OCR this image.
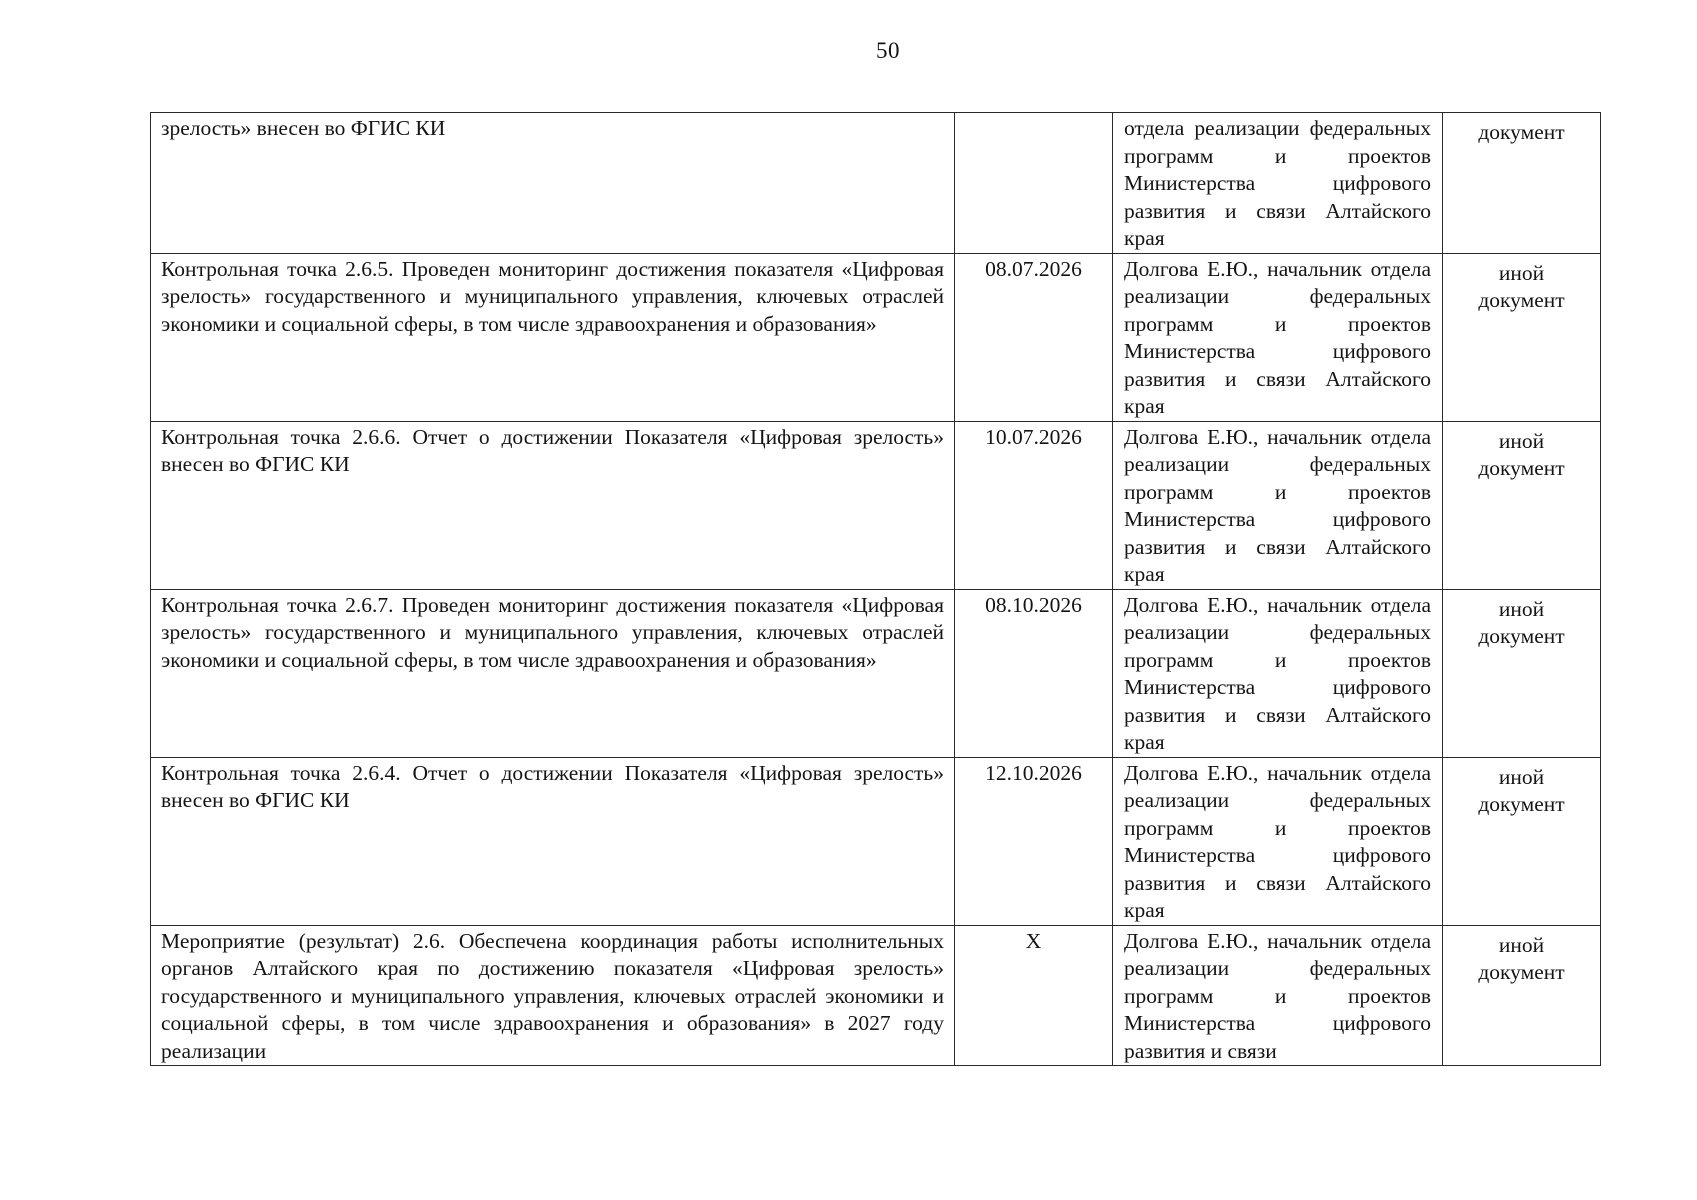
50
зрелость» внесен во ФГИС КИ		отдела реализации федеральных программ и проектов Министерства цифрового развития и связи Алтайского края	документ

Контрольная точка 2.6.5. Проведен мониторинг достижения показателя «Цифровая зрелость» государственного и муниципального управления, ключевых отраслей экономики и социальной сферы, в том числе здравоохранения и образования»	08.07.2026	Долгова Е.Ю., начальник отдела реализации федеральных программ и проектов Министерства цифрового развития и связи Алтайского края	иной
документ

Контрольная точка 2.6.6. Отчет о достижении Показателя «Цифровая зрелость» внесен во ФГИС КИ	10.07.2026	Долгова Е.Ю., начальник отдела реализации федеральных программ и проектов Министерства цифрового развития и связи Алтайского края	иной
документ

Контрольная точка 2.6.7. Проведен мониторинг достижения показателя «Цифровая зрелость» государственного и муниципального управления, ключевых отраслей экономики и социальной сферы, в том числе здравоохранения и образования»	08.10.2026	Долгова Е.Ю., начальник отдела реализации федеральных программ и проектов Министерства цифрового развития и связи Алтайского края	иной
документ

Контрольная точка 2.6.4. Отчет о достижении Показателя «Цифровая зрелость» внесен во ФГИС КИ	12.10.2026	Долгова Е.Ю., начальник отдела реализации федеральных программ и проектов Министерства цифрового развития и связи Алтайского края	иной
документ

Мероприятие (результат) 2.6. Обеспечена координация работы исполнительных органов Алтайского края по достижению показателя «Цифровая зрелость» государственного и муниципального управления, ключевых отраслей экономики и социальной сферы, в том числе здравоохранения и образования» в 2027 году реализации	X	Долгова Е.Ю., начальник отдела реализации федеральных программ и проектов Министерства цифрового развития и связи	иной
документ
